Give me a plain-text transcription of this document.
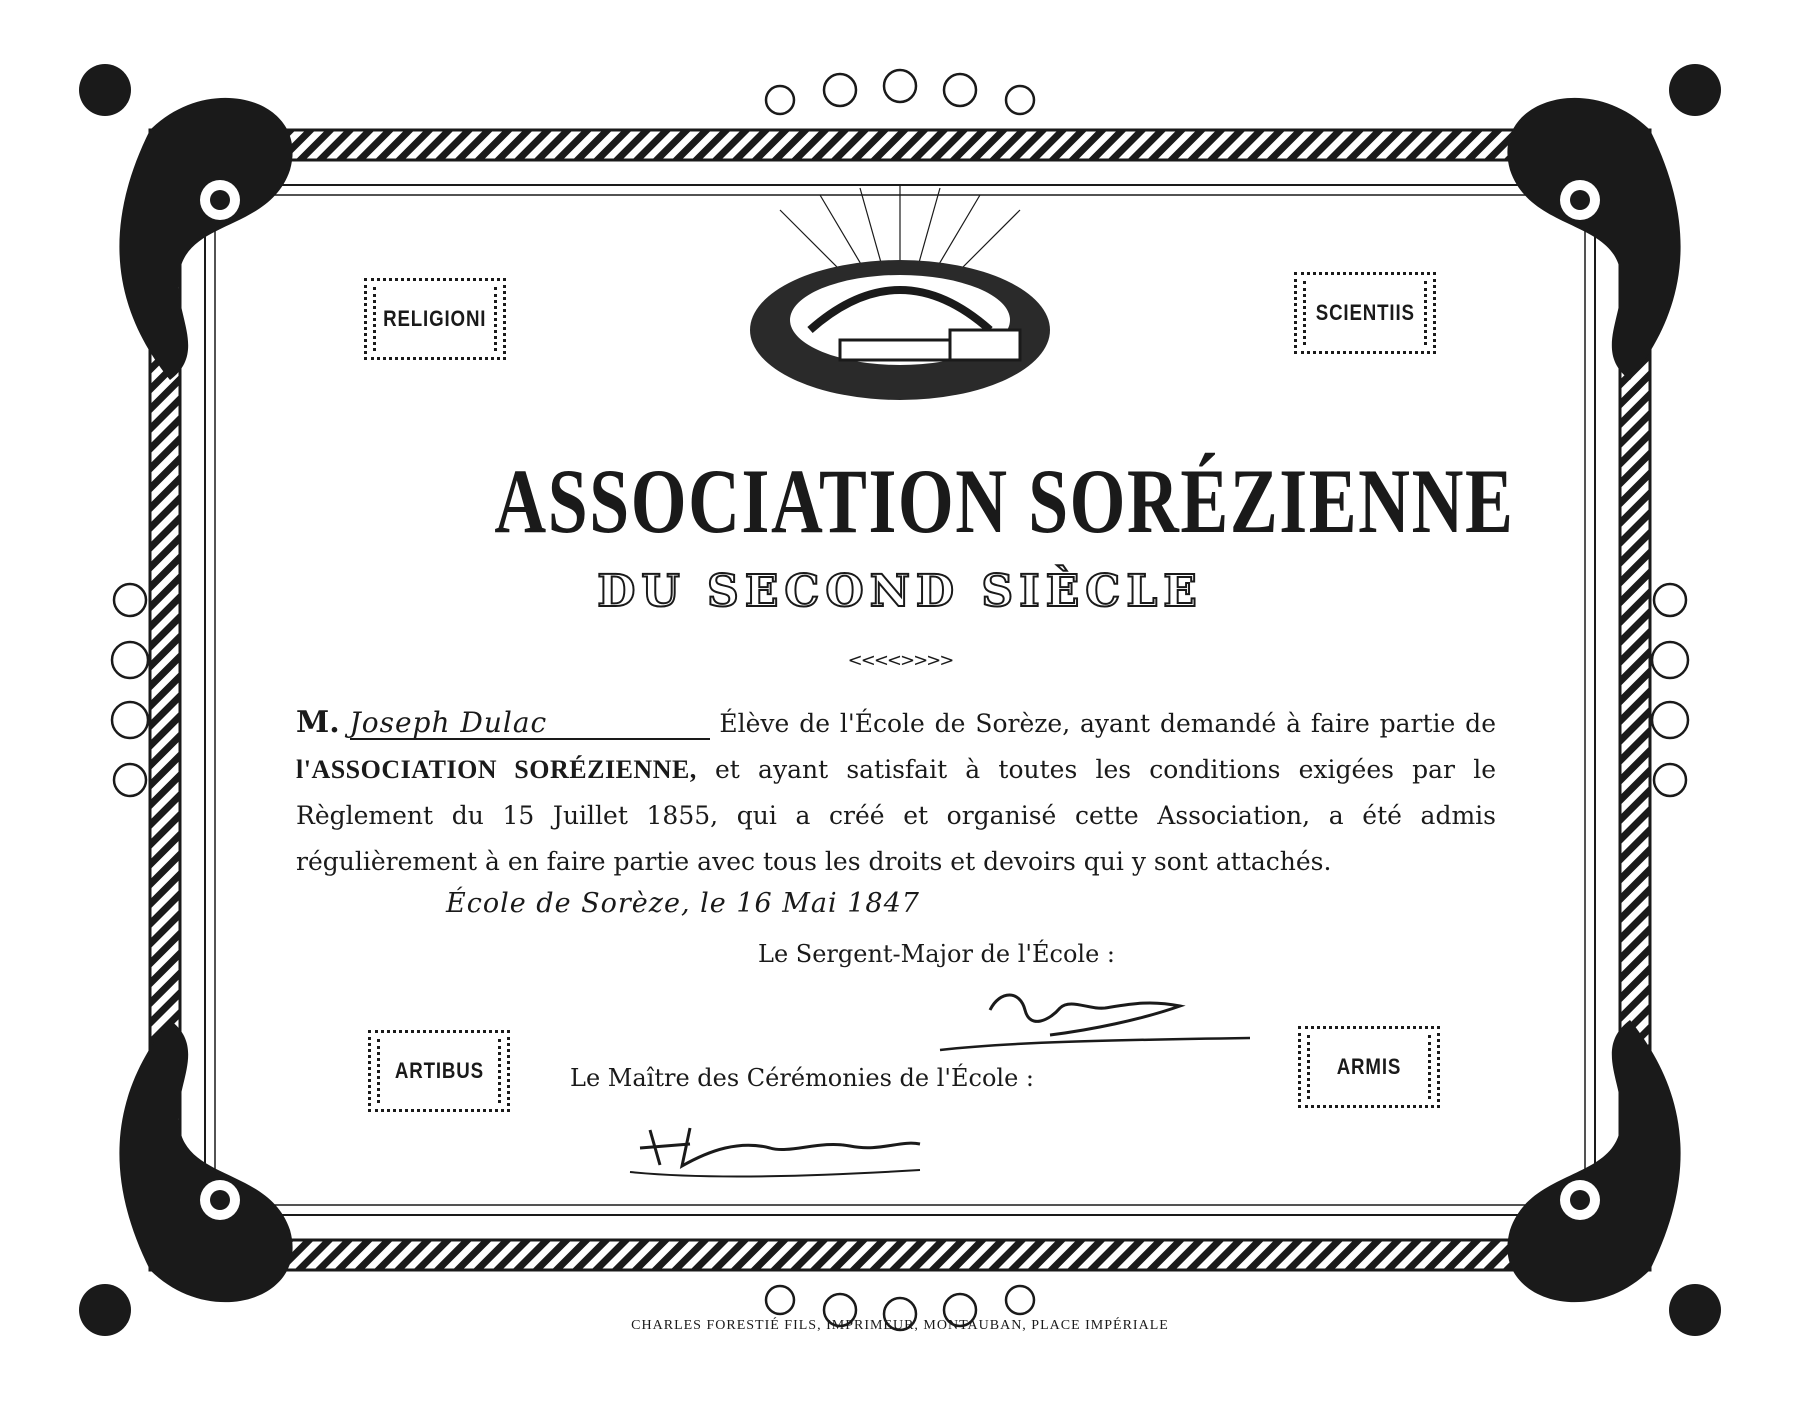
RELIGIONI	SCIENTIIS
ARTIBUS	ARMIS
ASSOCIATION SORÉZIENNE
DU SECOND SIÈCLE
<<<<>>>>
M. Joseph Dulac	Élève de l'École de Sorèze, ayant demandé à faire partie de l'ASSOCIATION SORÉZIENNE, et ayant satisfait à toutes les conditions exigées par le Règlement du 15 Juillet 1855, qui a créé et organisé cette Association, a été admis régulièrement à en faire partie avec tous les droits et devoirs qui y sont attachés.
École de Sorèze, le 16 Mai 1847
Le Sergent-Major de l'École :
Le Maître des Cérémonies de l'École :
CHARLES FORESTIÉ FILS, IMPRIMEUR, MONTAUBAN, PLACE IMPÉRIALE
